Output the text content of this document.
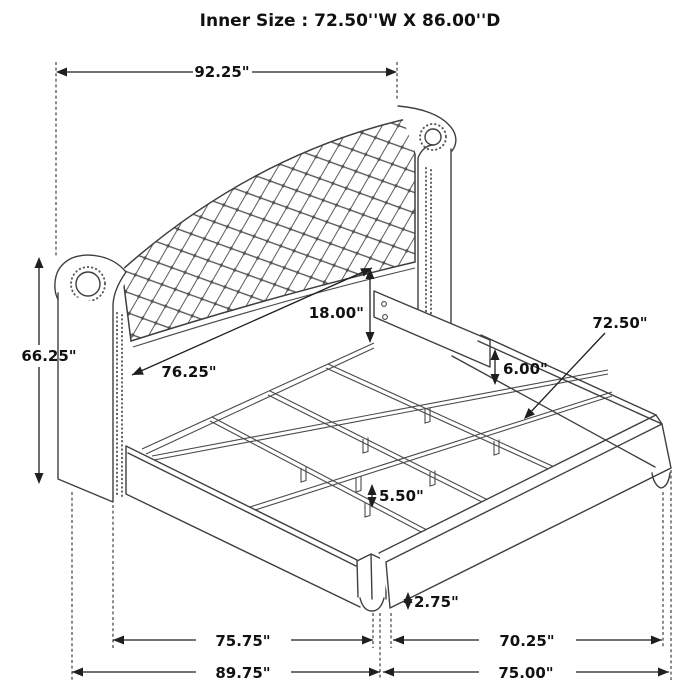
Inner Size : 72.50''W X 86.00''D
92.25"
66.25"
76.25"
18.00"
6.00"
72.50"
5.50"
2.75"
75.75"	70.25"
89.75"	75.00"
